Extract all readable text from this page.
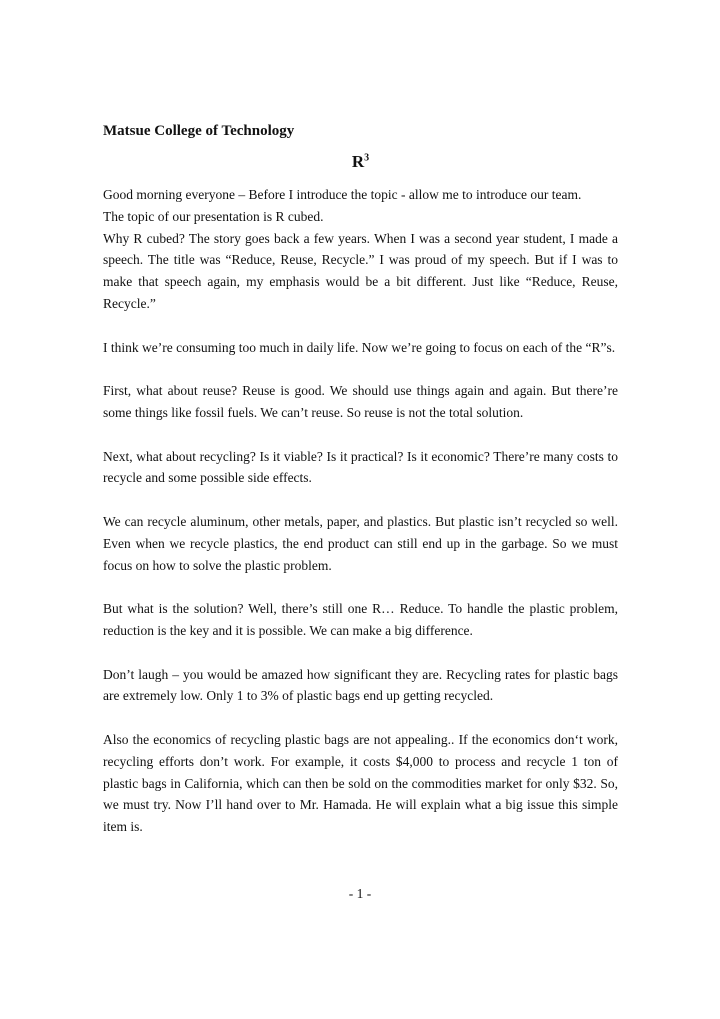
Matsue College of Technology

$R^3$

Good morning everyone – Before I introduce the topic - allow me to introduce our team.

The topic of our presentation is R cubed.

Why R cubed? The story goes back a few years. When I was a second year student, I made a speech. The title was “Reduce, Reuse, Recycle.” I was proud of my speech. But if I was to make that speech again, my emphasis would be a bit different. Just like “Reduce, Reuse, Recycle.”

I think we’re consuming too much in daily life. Now we’re going to focus on each of the “R”s.

First, what about reuse? Reuse is good. We should use things again and again. But there’re some things like fossil fuels. We can’t reuse. So reuse is not the total solution.

Next, what about recycling? Is it viable? Is it practical? Is it economic? There’re many costs to recycle and some possible side effects.

We can recycle aluminum, other metals, paper, and plastics. But plastic isn’t recycled so well. Even when we recycle plastics, the end product can still end up in the garbage. So we must focus on how to solve the plastic problem.

But what is the solution? Well, there’s still one R… Reduce. To handle the plastic problem, reduction is the key and it is possible. We can make a big difference.

Don’t laugh – you would be amazed how significant they are. Recycling rates for plastic bags are extremely low. Only 1 to 3% of plastic bags end up getting recycled.

Also the economics of recycling plastic bags are not appealing.. If the economics don‘t work, recycling efforts don’t work. For example, it costs $4,000 to process and recycle 1 ton of plastic bags in California, which can then be sold on the commodities market for only $32. So, we must try. Now I’ll hand over to Mr. Hamada. He will explain what a big issue this simple item is.

- 1 -
